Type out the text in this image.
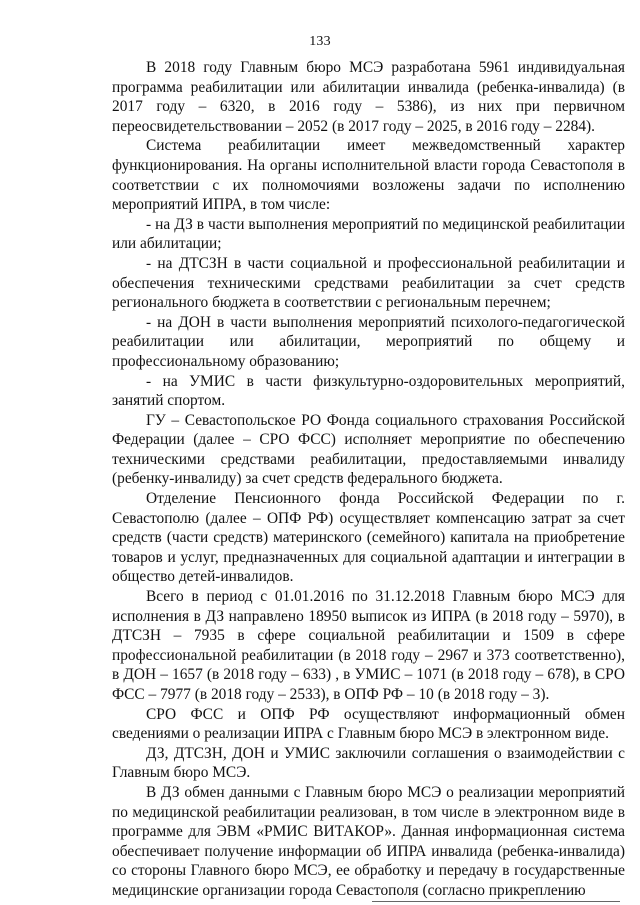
133

В 2018 году Главным бюро МСЭ разработана 5961 индивидуальная программа реабилитации или абилитации инвалида (ребенка-инвалида) (в 2017 году – 6320, в 2016 году – 5386), из них при первичном переосвидетельствовании – 2052 (в 2017 году – 2025, в 2016 году – 2284).

Система реабилитации имеет межведомственный характер функционирования. На органы исполнительной власти города Севастополя в соответствии с их полномочиями возложены задачи по исполнению мероприятий ИПРА, в том числе:

- на ДЗ в части выполнения мероприятий по медицинской реабилитации или абилитации;

- на ДТСЗН в части социальной и профессиональной реабилитации и обеспечения техническими средствами реабилитации за счет средств регионального бюджета в соответствии с региональным перечнем;

- на ДОН в части выполнения мероприятий психолого-педагогической реабилитации или абилитации, мероприятий по общему и профессиональному образованию;

- на УМИС в части физкультурно-оздоровительных мероприятий, занятий спортом.

ГУ – Севастопольское РО Фонда социального страхования Российской Федерации (далее – СРО ФСС) исполняет мероприятие по обеспечению техническими средствами реабилитации, предоставляемыми инвалиду (ребенку-инвалиду) за счет средств федерального бюджета.

Отделение Пенсионного фонда Российской Федерации по г. Севастополю (далее – ОПФ РФ) осуществляет компенсацию затрат за счет средств (части средств) материнского (семейного) капитала на приобретение товаров и услуг, предназначенных для социальной адаптации и интеграции в общество детей-инвалидов.

Всего в период с 01.01.2016 по 31.12.2018 Главным бюро МСЭ для исполнения в ДЗ направлено 18950 выписок из ИПРА (в 2018 году – 5970), в ДТСЗН – 7935 в сфере социальной реабилитации и 1509 в сфере профессиональной реабилитации (в 2018 году – 2967 и 373 соответственно), в ДОН – 1657 (в 2018 году – 633) , в УМИС – 1071 (в 2018 году – 678), в СРО ФСС – 7977 (в 2018 году – 2533), в ОПФ РФ – 10 (в 2018 году – 3).

СРО ФСС и ОПФ РФ осуществляют информационный обмен сведениями о реализации ИПРА с Главным бюро МСЭ в электронном виде.

ДЗ, ДТСЗН, ДОН и УМИС заключили соглашения о взаимодействии с Главным бюро МСЭ.

В ДЗ обмен данными с Главным бюро МСЭ о реализации мероприятий по медицинской реабилитации реализован, в том числе в электронном виде в программе для ЭВМ «РМИС ВИТАКОР». Данная информационная система обеспечивает получение информации об ИПРА инвалида (ребенка-инвалида) со стороны Главного бюро МСЭ, ее обработку и передачу в государственные медицинские организации города Севастополя (согласно прикреплению
